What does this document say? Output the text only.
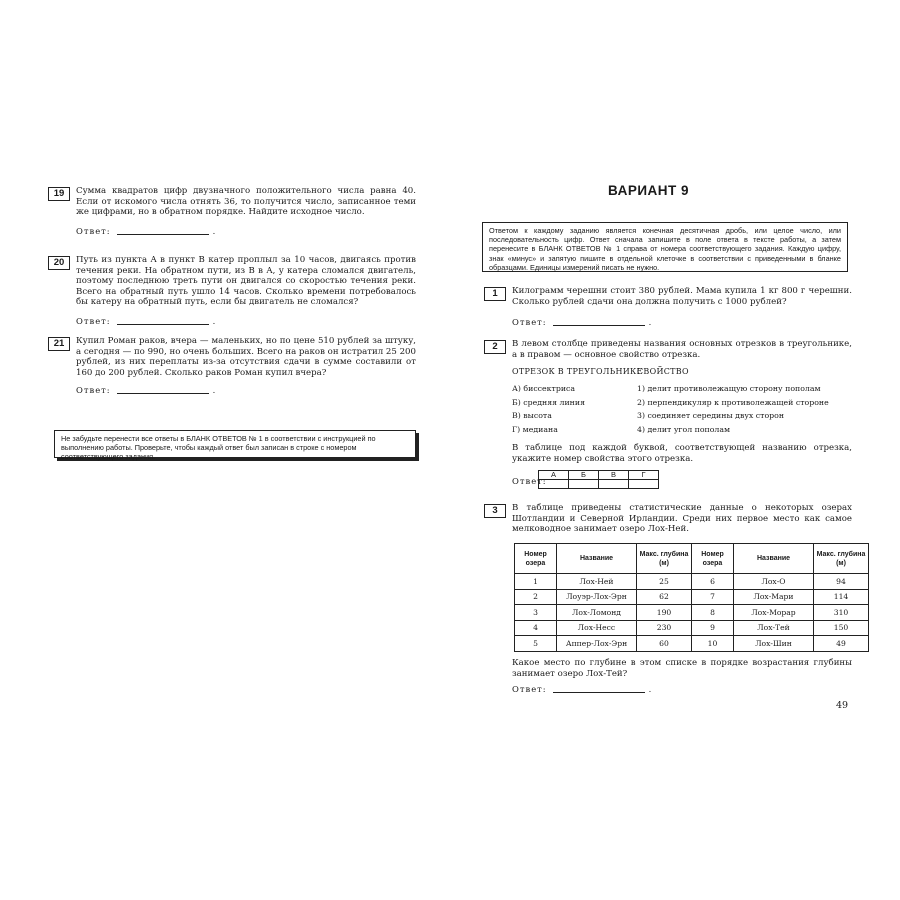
19	Сумма квадратов цифр двузначного положительного числа равна 40. Если от искомого числа отнять 36, то получится число, записанное теми же цифрами, но в обратном порядке. Найдите исходное число.
Ответ:	.
20	Путь из пункта A в пункт B катер проплыл за 10 часов, двигаясь против течения реки. На обратном пути, из B в A, у катера сломался двигатель, поэтому последнюю треть пути он двигался со скоростью течения реки. Всего на обратный путь ушло 14 часов. Сколько времени потребовалось бы катеру на обратный путь, если бы двигатель не сломался?
Ответ:	.
21	Купил Роман раков, вчера — маленьких, но по цене 510 рублей за штуку, а сегодня — по 990, но очень больших. Всего на раков он истратил 25 200 рублей, из них переплаты из-за отсутствия сдачи в сумме составили от 160 до 200 рублей. Сколько раков Роман купил вчера?
Ответ:	.
Не забудьте перенести все ответы в БЛАНК ОТВЕТОВ № 1 в соответствии с инструкцией по выполнению работы. Проверьте, чтобы каждый ответ был записан в строке с номером соответствующего задания.
ВАРИАНТ 9
Ответом к каждому заданию является конечная десятичная дробь, или целое число, или последовательность цифр. Ответ сначала запишите в поле ответа в тексте работы, а затем перенесите в БЛАНК ОТВЕТОВ № 1 справа от номера соответствующего задания. Каждую цифру, знак «минус» и запятую пишите в отдельной клеточке в соответствии с приведенными в бланке образцами. Единицы измерений писать не нужно.
1	Килограмм черешни стоит 380 рублей. Мама купила 1 кг 800 г черешни. Сколько рублей сдачи она должна получить с 1000 рублей?
Ответ:	.
2	В левом столбце приведены названия основных отрезков в треугольнике, а в правом — основное свойство отрезка.
ОТРЕЗОК В ТРЕУГОЛЬНИКЕ
СВОЙСТВО
А) биссектриса
Б) средняя линия
В) высота
Г) медиана
1) делит противолежащую сторону пополам
2) перпендикуляр к противолежащей стороне
3) соединяет середины двух сторон
4) делит угол пополам
В таблице под каждой буквой, соответствующей названию отрезка, укажите номер свойства этого отрезка.
Ответ:
А	Б	В	Г

3	В таблице приведены статистические данные о некоторых озерах Шотландии и Северной Ирландии. Среди них первое место как самое мелководное занимает озеро Лох-Ней.
Номер озера	Название	Макс. глубина (м)	Номер озера	Название	Макс. глубина (м)
1	Лох-Ней	25	6	Лох-О	94
2	Лоуэр-Лох-Эрн	62	7	Лох-Мари	114
3	Лох-Ломонд	190	8	Лох-Морар	310
4	Лох-Несс	230	9	Лох-Тей	150
5	Аппер-Лох-Эрн	60	10	Лох-Шин	49
Какое место по глубине в этом списке в порядке возрастания глубины занимает озеро Лох-Тей?
Ответ:	.
49
